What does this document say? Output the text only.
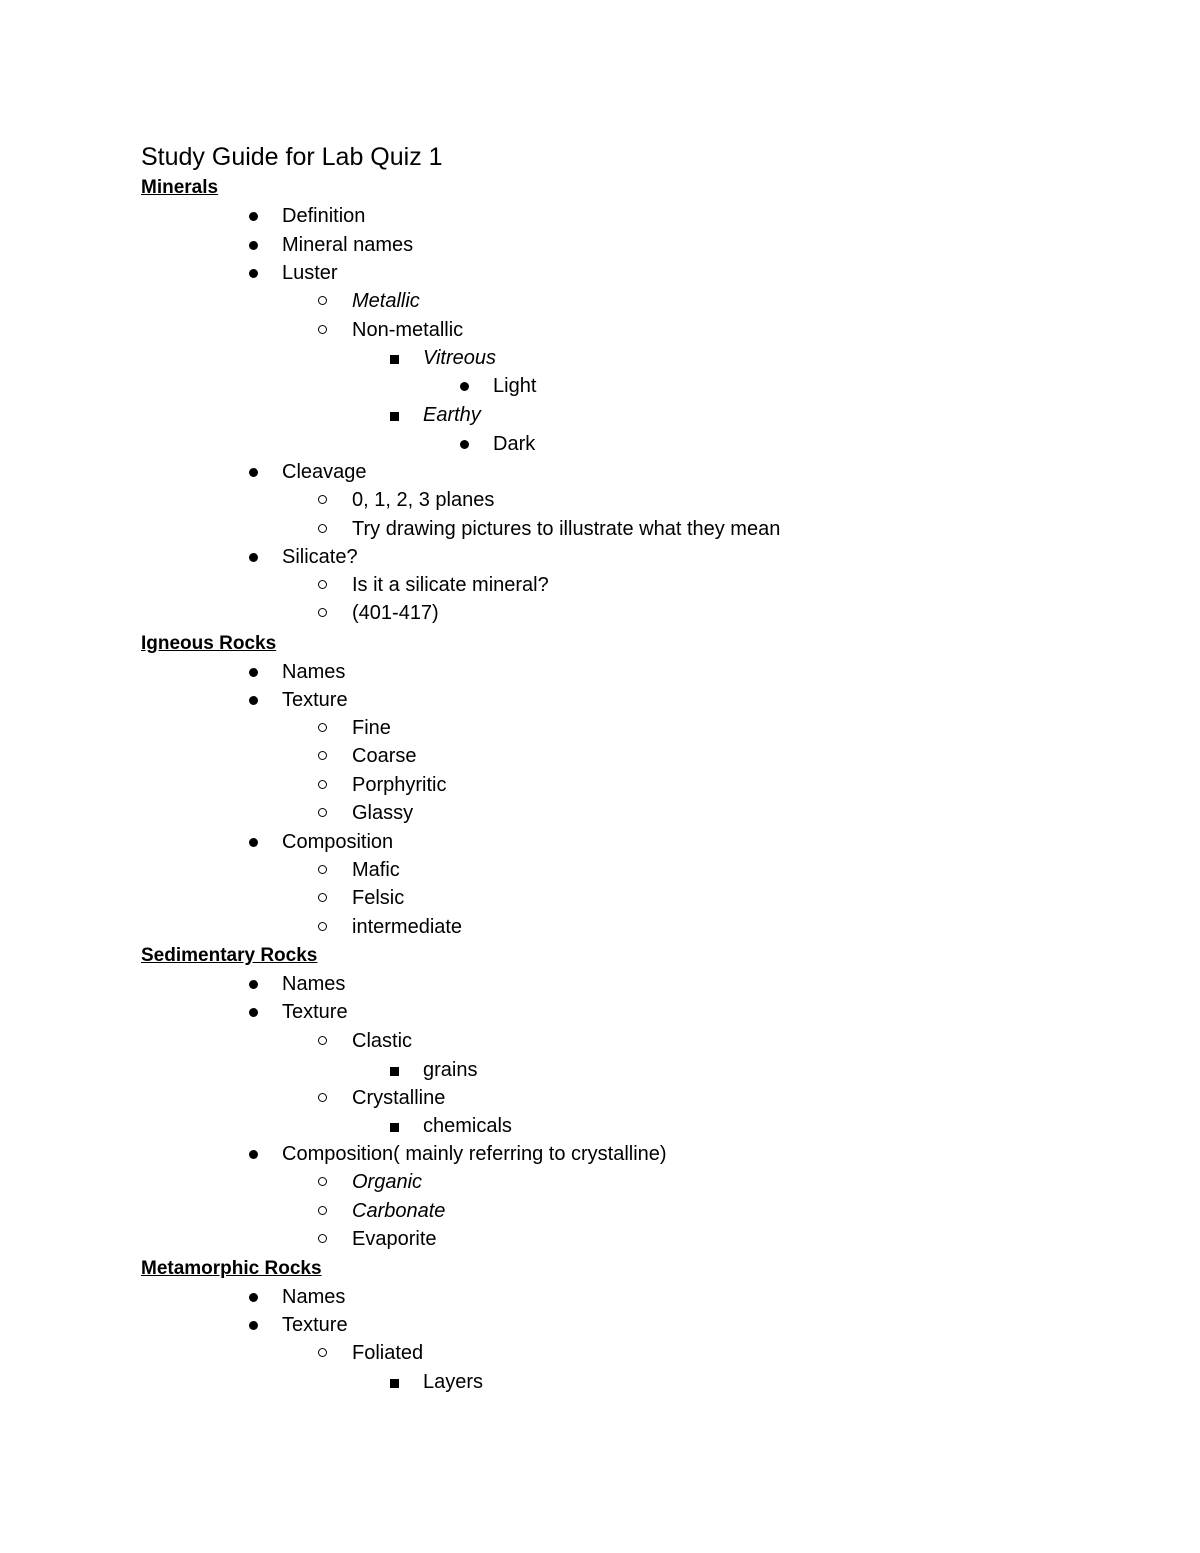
Study Guide for Lab Quiz 1
Minerals
Definition
Mineral names
Luster
Metallic
Non-metallic
Vitreous
Light
Earthy
Dark
Cleavage
0, 1, 2, 3 planes
Try drawing pictures to illustrate what they mean
Silicate?
Is it a silicate mineral?
(401-417)
Igneous Rocks
Names
Texture
Fine
Coarse
Porphyritic
Glassy
Composition
Mafic
Felsic
intermediate
Sedimentary Rocks
Names
Texture
Clastic
grains
Crystalline
chemicals
Composition( mainly referring to crystalline)
Organic
Carbonate
Evaporite
Metamorphic Rocks
Names
Texture
Foliated
Layers
